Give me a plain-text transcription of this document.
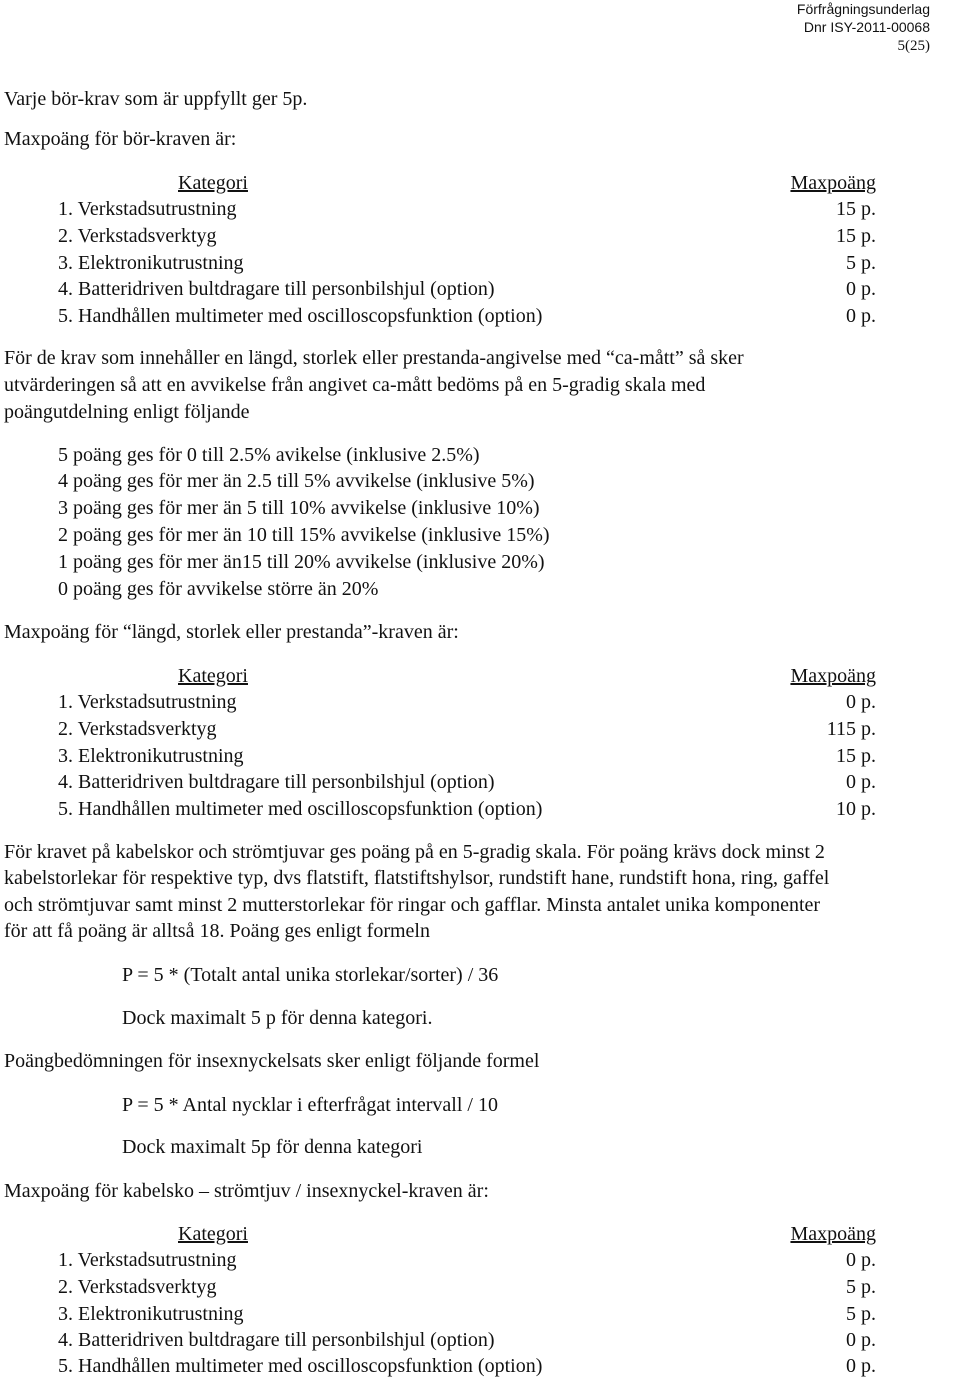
Förfrågningsunderlag
Dnr ISY-2011-00068
5(25)
Varje bör-krav som är uppfyllt ger 5p.
Maxpoäng för bör-kraven är:
Kategori	Maxpoäng
1. Verkstadsutrustning	15 p.
2. Verkstadsverktyg	15 p.
3. Elektronikutrustning	5 p.
4. Batteridriven bultdragare till personbilshjul (option)	0 p.
5. Handhållen multimeter med oscilloscopsfunktion (option)	0 p.
För de krav som innehåller en längd, storlek eller prestanda-angivelse med “ca-mått” så sker
utvärderingen så att en avvikelse från angivet ca-mått bedöms på en 5-gradig skala med
poängutdelning enligt följande
5 poäng ges för 0 till 2.5% avikelse (inklusive 2.5%)
4 poäng ges för mer än 2.5 till 5% avvikelse (inklusive 5%)
3 poäng ges för mer än 5 till 10% avvikelse (inklusive 10%)
2 poäng ges för mer än 10 till 15% avvikelse (inklusive 15%)
1 poäng ges för mer än15 till 20% avvikelse (inklusive 20%)
0 poäng ges för avvikelse större än 20%
Maxpoäng för “längd, storlek eller prestanda”-kraven är:
Kategori	Maxpoäng
1. Verkstadsutrustning	0 p.
2. Verkstadsverktyg	115 p.
3. Elektronikutrustning	15 p.
4. Batteridriven bultdragare till personbilshjul (option)	0 p.
5. Handhållen multimeter med oscilloscopsfunktion (option)	10 p.
För kravet på kabelskor och strömtjuvar ges poäng på en 5-gradig skala. För poäng krävs dock minst 2
kabelstorlekar för respektive typ, dvs flatstift, flatstiftshylsor, rundstift hane, rundstift hona, ring, gaffel
och strömtjuvar samt minst 2 mutterstorlekar för ringar och gafflar. Minsta antalet unika komponenter
för att få poäng är alltså 18. Poäng ges enligt formeln
P = 5 * (Totalt antal unika storlekar/sorter) / 36
Dock maximalt 5 p för denna kategori.
Poängbedömningen för insexnyckelsats sker enligt följande formel
P = 5 * Antal nycklar i efterfrågat intervall / 10
Dock maximalt 5p för denna kategori
Maxpoäng för kabelsko – strömtjuv / insexnyckel-kraven är:
Kategori	Maxpoäng
1. Verkstadsutrustning	0 p.
2. Verkstadsverktyg	5 p.
3. Elektronikutrustning	5 p.
4. Batteridriven bultdragare till personbilshjul (option)	0 p.
5. Handhållen multimeter med oscilloscopsfunktion (option)	0 p.
